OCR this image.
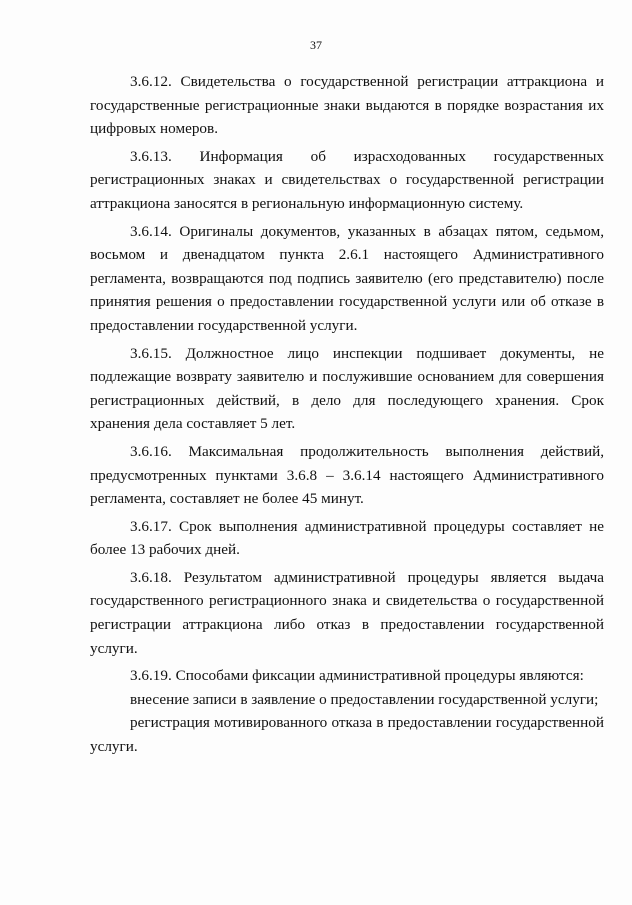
37

3.6.12. Свидетельства о государственной регистрации аттракциона и государственные регистрационные знаки выдаются в порядке возрастания их цифровых номеров.

3.6.13. Информация об израсходованных государственных регистрационных знаках и свидетельствах о государственной регистрации аттракциона заносятся в региональную информационную систему.

3.6.14. Оригиналы документов, указанных в абзацах пятом, седьмом, восьмом и двенадцатом пункта 2.6.1 настоящего Административного регламента, возвращаются под подпись заявителю (его представителю) после принятия решения о предоставлении государственной услуги или об отказе в предоставлении государственной услуги.

3.6.15. Должностное лицо инспекции подшивает документы, не подлежащие возврату заявителю и послужившие основанием для совершения регистрационных действий, в дело для последующего хранения. Срок хранения дела составляет 5 лет.

3.6.16. Максимальная продолжительность выполнения действий, предусмотренных пунктами 3.6.8 – 3.6.14 настоящего Административного регламента, составляет не более 45 минут.

3.6.17. Срок выполнения административной процедуры составляет не более 13 рабочих дней.

3.6.18. Результатом административной процедуры является выдача государственного регистрационного знака и свидетельства о государственной регистрации аттракциона либо отказ в предоставлении государственной услуги.

3.6.19. Способами фиксации административной процедуры являются:

внесение записи в заявление о предоставлении государственной услуги;

регистрация мотивированного отказа в предоставлении государственной услуги.
